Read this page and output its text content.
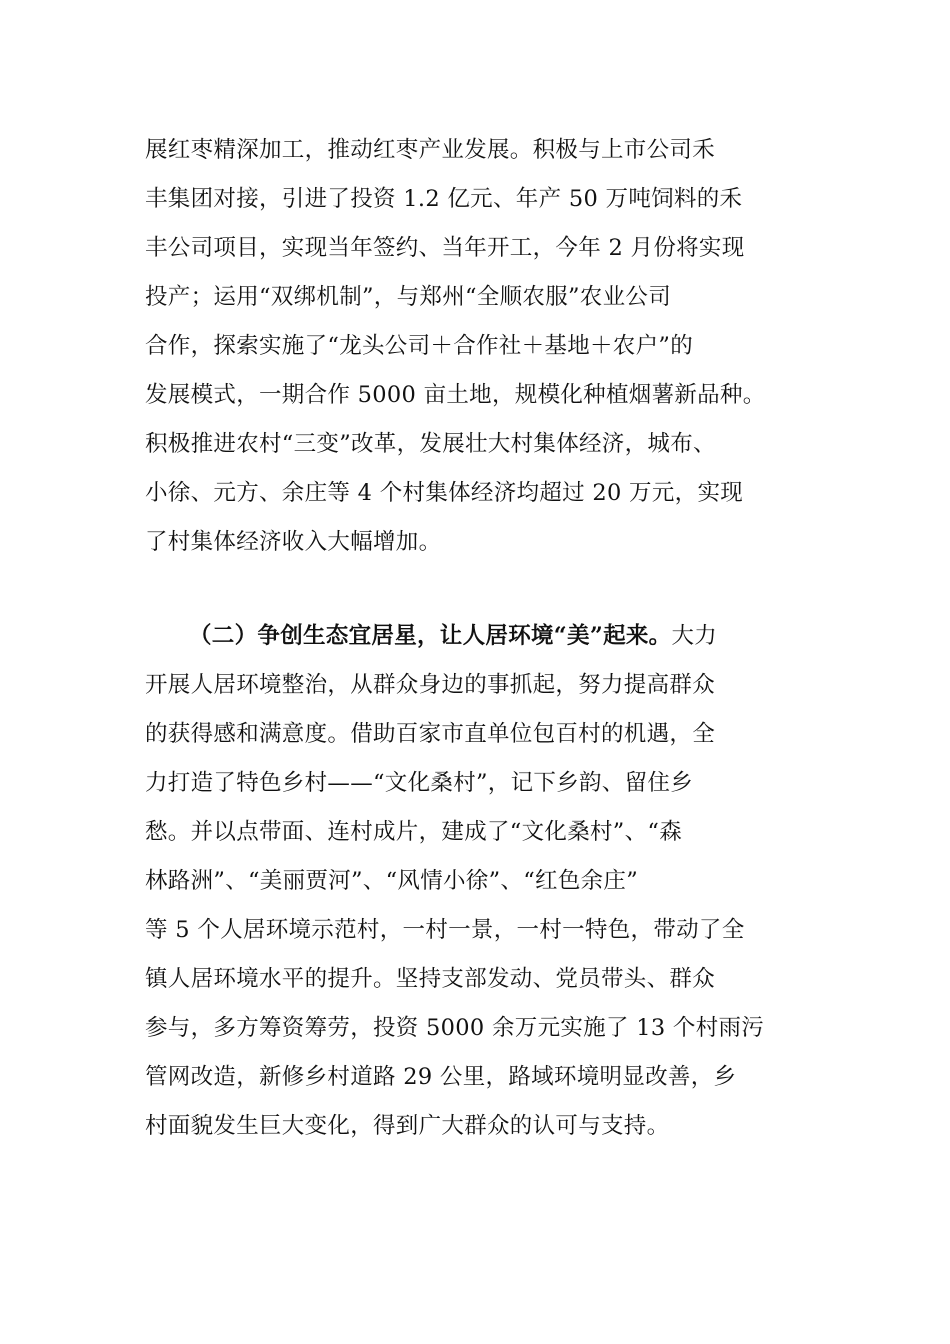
展红枣精深加工，推动红枣产业发展。积极与上市公司禾
丰集团对接，引进了投资 1.2 亿元、年产 50 万吨饲料的禾
丰公司项目，实现当年签约、当年开工，今年 2 月份将实现
投产；运用“双绑机制”，与郑州“全顺农服”农业公司
合作，探索实施了“龙头公司＋合作社＋基地＋农户”的
发展模式，一期合作 5000 亩土地，规模化种植烟薯新品种。
积极推进农村“三变”改革，发展壮大村集体经济，城布、
小徐、元方、余庄等 4 个村集体经济均超过 20 万元，实现
了村集体经济收入大幅增加。
（二）争创生态宜居星，让人居环境“美”起来。大力
开展人居环境整治，从群众身边的事抓起，努力提高群众
的获得感和满意度。借助百家市直单位包百村的机遇，全
力打造了特色乡村——“文化桑村”，记下乡韵、留住乡
愁。并以点带面、连村成片，建成了“文化桑村”、“森
林路洲”、“美丽贾河”、“风情小徐”、“红色余庄”
等 5 个人居环境示范村，一村一景，一村一特色，带动了全
镇人居环境水平的提升。坚持支部发动、党员带头、群众
参与，多方筹资筹劳，投资 5000 余万元实施了 13 个村雨污
管网改造，新修乡村道路 29 公里，路域环境明显改善，乡
村面貌发生巨大变化，得到广大群众的认可与支持。
